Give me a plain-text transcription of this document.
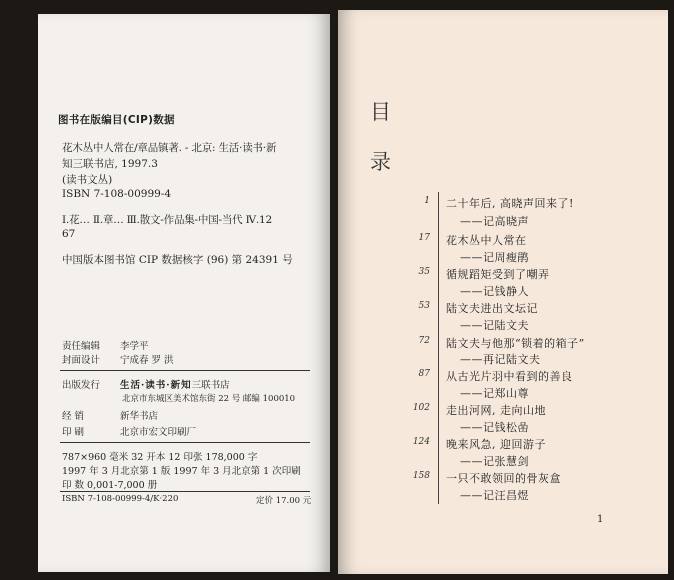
图书在版编目(CIP)数据
花木丛中人常在/章品镇著. - 北京: 生活·读书·新
知三联书店, 1997.3
(读书文丛)
ISBN 7-108-00999-4
Ⅰ.花… Ⅱ.章… Ⅲ.散文-作品集-中国-当代 Ⅳ.12
67
中国版本图书馆 CIP 数据核字 (96) 第 24391 号
责任编辑 李学平
封面设计 宁成春 罗 洪
出版发行 生活·读书·新知三联书店
北京市东城区美术馆东街 22 号 邮编 100010
经 销	新华书店
印 刷	北京市宏文印刷厂
787×960 毫米 32 开本 12 印张 178,000 字
1997 年 3 月北京第 1 版 1997 年 3 月北京第 1 次印刷
印 数 0,001-7,000 册
ISBN 7-108-00999-4/K·220	定价 17.00 元
目
录
1 二十年后, 高晓声回来了!
——记高晓声
17 花木丛中人常在
——记周瘦鹃
35 循规蹈矩受到了嘲弄
——记钱静人
53 陆文夫进出文坛记
——记陆文夫
72 陆文夫与他那“锁着的箱子”
——再记陆文夫
87 从古光片羽中看到的善良
——记郑山尊
102 走出河网, 走向山地
——记钱松嵒
124 晚来风急, 迎回游子
——记张慧剑
158 一只不敢领回的骨灰盒
——记汪昌煜
1
